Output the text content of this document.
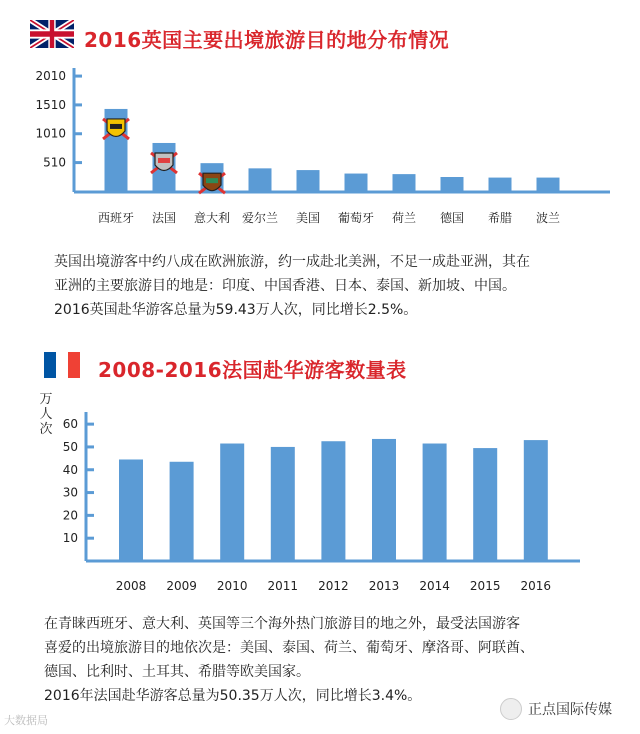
2016英国主要出境旅游目的地分布情况
510
1010
1510
2010
西班牙 法国 意大利 爱尔兰 美国 葡萄牙 荷兰 德国 希腊 波兰
英国出境游客中约八成在欧洲旅游，约一成赴北美洲，不足一成赴亚洲，其在
亚洲的主要旅游目的地是：印度、中国香港、日本、泰国、新加坡、中国。
2016英国赴华游客总量为59.43万人次，同比增长2.5%。
2008-2016法国赴华游客数量表
万人次
10
20
30
40
50
60
2008 2009 2010 2011 2012 2013 2014 2015 2016
在青睐西班牙、意大利、英国等三个海外热门旅游目的地之外，最受法国游客
喜爱的出境旅游目的地依次是：美国、泰国、荷兰、葡萄牙、摩洛哥、阿联酋、
德国、比利时、土耳其、希腊等欧美国家。
2016年法国赴华游客总量为50.35万人次，同比增长3.4%。
大数据局
正点国际传媒
